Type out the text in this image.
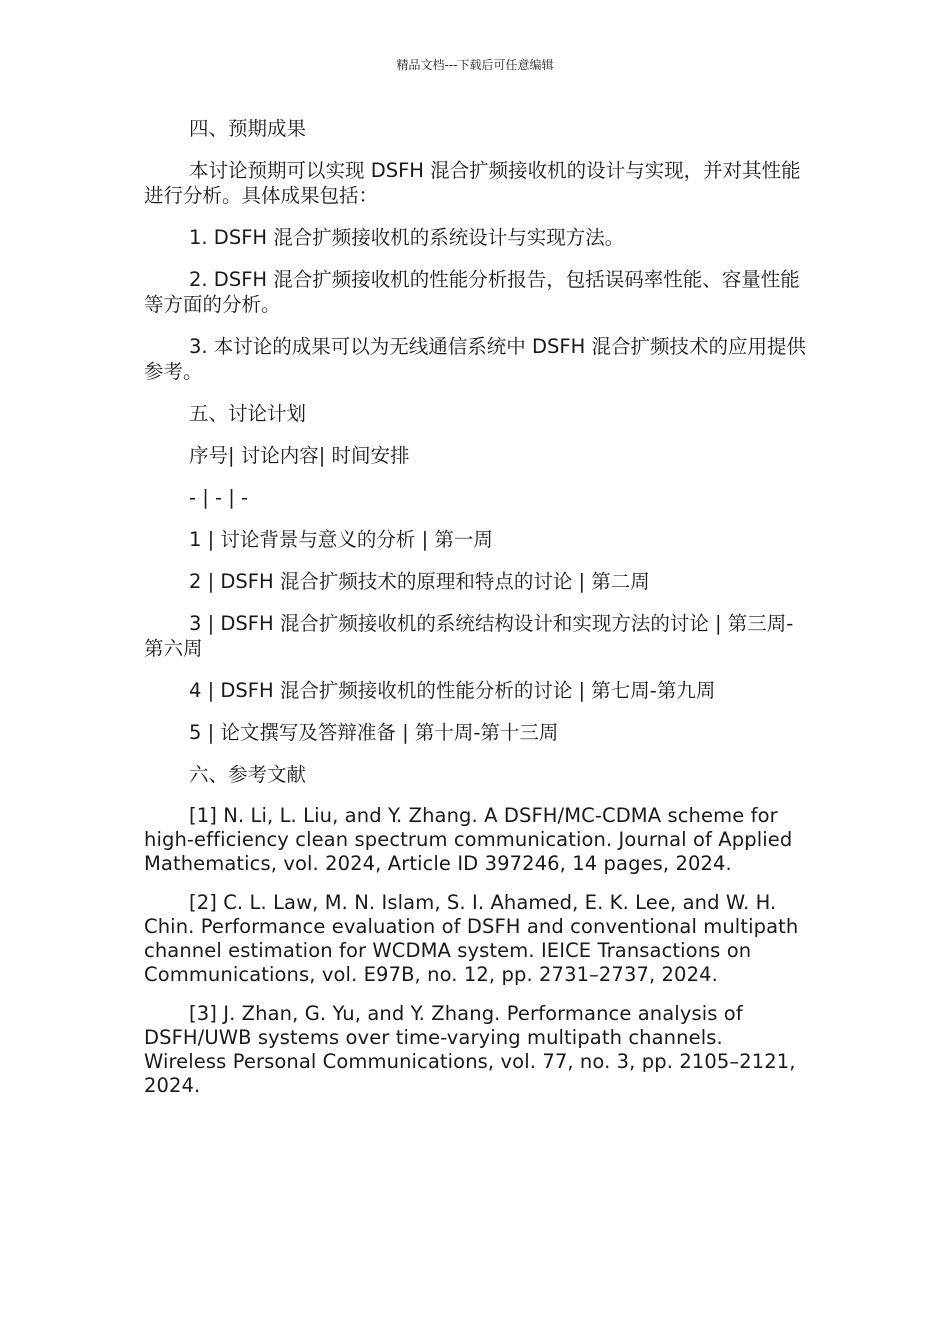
精品文档---下载后可任意编辑

四、预期成果

本讨论预期可以实现 DSFH 混合扩频接收机的设计与实现，并对其性能进行分析。具体成果包括：

1. DSFH 混合扩频接收机的系统设计与实现方法。

2. DSFH 混合扩频接收机的性能分析报告，包括误码率性能、容量性能等方面的分析。

3. 本讨论的成果可以为无线通信系统中 DSFH 混合扩频技术的应用提供参考。

五、讨论计划

序号| 讨论内容| 时间安排

- | - | -

1 | 讨论背景与意义的分析 | 第一周

2 | DSFH 混合扩频技术的原理和特点的讨论 | 第二周

3 | DSFH 混合扩频接收机的系统结构设计和实现方法的讨论 | 第三周-第六周

4 | DSFH 混合扩频接收机的性能分析的讨论 | 第七周-第九周

5 | 论文撰写及答辩准备 | 第十周-第十三周

六、参考文献

[1] N. Li, L. Liu, and Y. Zhang. A DSFH/MC-CDMA scheme for high-efficiency clean spectrum communication. Journal of Applied Mathematics, vol. 2024, Article ID 397246, 14 pages, 2024.

[2] C. L. Law, M. N. Islam, S. I. Ahamed, E. K. Lee, and W. H. Chin. Performance evaluation of DSFH and conventional multipath channel estimation for WCDMA system. IEICE Transactions on Communications, vol. E97B, no. 12, pp. 2731–2737, 2024.

[3] J. Zhan, G. Yu, and Y. Zhang. Performance analysis of DSFH/UWB systems over time-varying multipath channels. Wireless Personal Communications, vol. 77, no. 3, pp. 2105–2121, 2024.
